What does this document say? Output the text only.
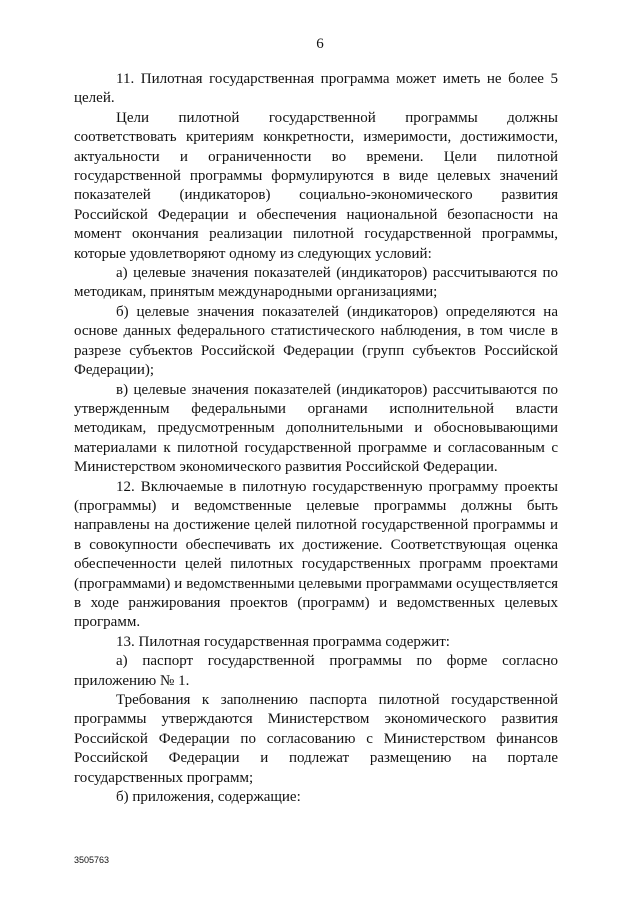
6

11. Пилотная государственная программа может иметь не более 5 целей.

Цели пилотной государственной программы должны соответствовать критериям конкретности, измеримости, достижимости, актуальности и ограниченности во времени. Цели пилотной государственной программы формулируются в виде целевых значений показателей (индикаторов) социально-экономического развития Российской Федерации и обеспечения национальной безопасности на момент окончания реализации пилотной государственной программы, которые удовлетворяют одному из следующих условий:

а) целевые значения показателей (индикаторов) рассчитываются по методикам, принятым международными организациями;

б) целевые значения показателей (индикаторов) определяются на основе данных федерального статистического наблюдения, в том числе в разрезе субъектов Российской Федерации (групп субъектов Российской Федерации);

в) целевые значения показателей (индикаторов) рассчитываются по утвержденным федеральными органами исполнительной власти методикам, предусмотренным дополнительными и обосновывающими материалами к пилотной государственной программе и согласованным с Министерством экономического развития Российской Федерации.

12. Включаемые в пилотную государственную программу проекты (программы) и ведомственные целевые программы должны быть направлены на достижение целей пилотной государственной программы и в совокупности обеспечивать их достижение. Соответствующая оценка обеспеченности целей пилотных государственных программ проектами (программами) и ведомственными целевыми программами осуществляется в ходе ранжирования проектов (программ) и ведомственных целевых программ.

13. Пилотная государственная программа содержит:

а) паспорт государственной программы по форме согласно приложению № 1.

Требования к заполнению паспорта пилотной государственной программы утверждаются Министерством экономического развития Российской Федерации по согласованию с Министерством финансов Российской Федерации и подлежат размещению на портале государственных программ;

б) приложения, содержащие:

3505763
